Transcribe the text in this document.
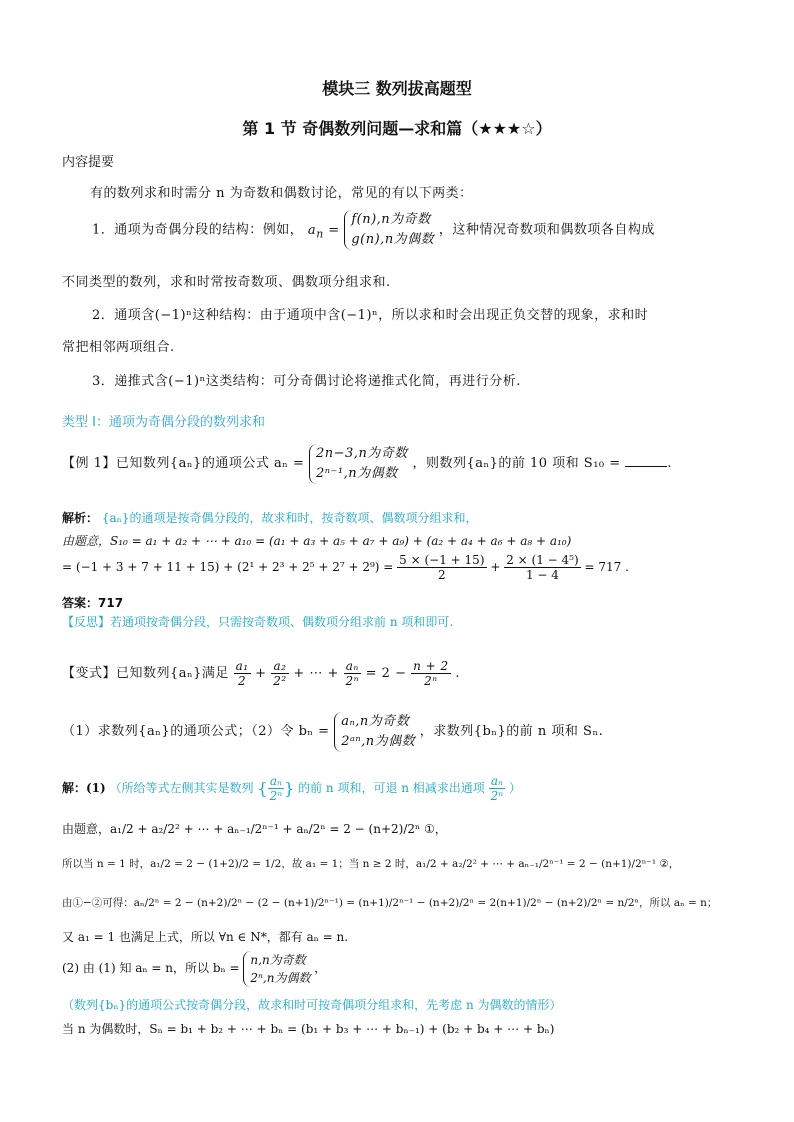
模块三 数列拔高题型
第 1 节 奇偶数列问题—求和篇（★★★☆）
内容提要
有的数列求和时需分 n 为奇数和偶数讨论，常见的有以下两类：
1．通项为奇偶分段的结构：例如， $a_n$ =
f(n),n为奇数
g(n),n为偶数
，这种情况奇数项和偶数项各自构成
不同类型的数列，求和时常按奇数项、偶数项分组求和.
2．通项含(−1)ⁿ这种结构：由于通项中含(−1)ⁿ，所以求和时会出现正负交替的现象，求和时
常把相邻两项组合.
3．递推式含(−1)ⁿ这类结构：可分奇偶讨论将递推式化简，再进行分析.
类型 I：通项为奇偶分段的数列求和
【例 1】已知数列{aₙ}的通项公式 aₙ =
2n−3,n为奇数
2ⁿ⁻¹,n为偶数
，则数列{aₙ}的前 10 项和 S₁₀ =	.
解析： {aₙ}的通项是按奇偶分段的，故求和时，按奇数项、偶数项分组求和，
由题意，S₁₀ = a₁ + a₂ + ⋯ + a₁₀ = (a₁ + a₃ + a₅ + a₇ + a₉) + (a₂ + a₄ + a₆ + a₈ + a₁₀)
= $(-1 + 3 + 7 + 11 + 15) + (2^1 + 2^3 + 2^5 + 2^7 + 2^9) = \frac{5 \times (-1 + 15)}{2} + \frac{\text{2 × (1 − 4⁵)}}{1 - 4} = 717$ .
答案：717
【反思】若通项按奇偶分段，只需按奇数项、偶数项分组求前 n 项和即可.
【变式】已知数列{aₙ}满足 $\frac{\text{a₁}}{2} + \frac{\text{a₂}}{\text{2²}}$ + ⋯ + $\frac{\text{aₙ}}{\text{2ⁿ}} = 2 - \frac{n + 2}{\text{2ⁿ}}$ .
（1）求数列{aₙ}的通项公式；（2）令 bₙ =
aₙ,n为奇数
2ᵃⁿ,n为偶数
，求数列{bₙ}的前 n 项和 Sₙ.
解：(1) （所给等式左侧其实是数列 { $\frac{\text{aₙ}}{\text{2ⁿ}}$ } 的前 n 项和，可退 n 相减求出通项 $\frac{\text{aₙ}}{\text{2ⁿ}}$ ）
由题意，a₁/2 + a₂/2² + ⋯ + aₙ₋₁/2ⁿ⁻¹ + aₙ/2ⁿ = 2 − (n+2)/2ⁿ ①，
所以当 n = 1 时，a₁/2 = 2 − (1+2)/2 = 1/2，故 a₁ = 1；当 n ≥ 2 时，a₁/2 + a₂/2² + ⋯ + aₙ₋₁/2ⁿ⁻¹ = 2 − (n+1)/2ⁿ⁻¹ ②，
由①−②可得：aₙ/2ⁿ = 2 − (n+2)/2ⁿ − (2 − (n+1)/2ⁿ⁻¹) = (n+1)/2ⁿ⁻¹ − (n+2)/2ⁿ = 2(n+1)/2ⁿ − (n+2)/2ⁿ = n/2ⁿ，所以 aₙ = n；
又 a₁ = 1 也满足上式，所以 ∀n ∈ N*，都有 aₙ = n.
(2) 由 (1) 知 aₙ = n，所以 bₙ =
n,n为奇数
2ⁿ,n为偶数
，
（数列{bₙ}的通项公式按奇偶分段，故求和时可按奇偶项分组求和，先考虑 n 为偶数的情形）
当 n 为偶数时，Sₙ = b₁ + b₂ + ⋯ + bₙ = (b₁ + b₃ + ⋯ + bₙ₋₁) + (b₂ + b₄ + ⋯ + bₙ)
